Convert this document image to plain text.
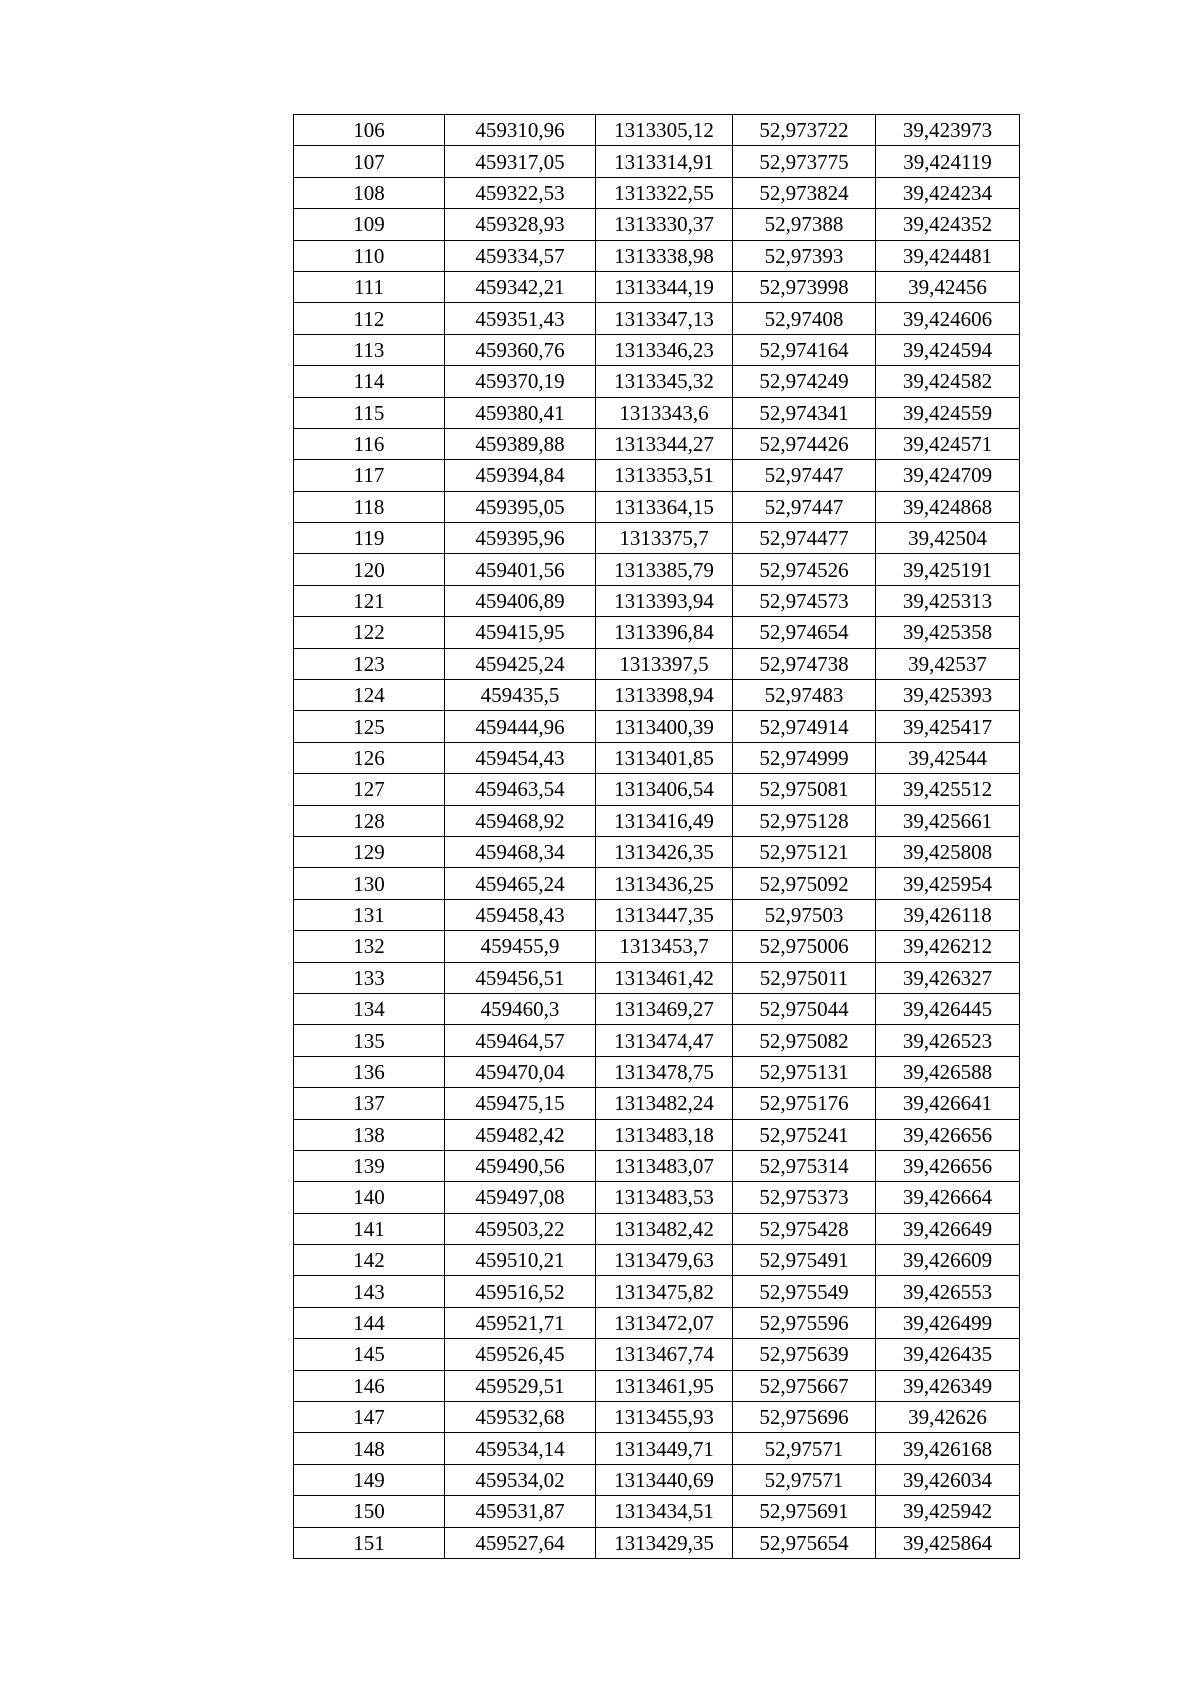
106	459310,96	1313305,12	52,973722	39,423973
107	459317,05	1313314,91	52,973775	39,424119
108	459322,53	1313322,55	52,973824	39,424234
109	459328,93	1313330,37	52,97388	39,424352
110	459334,57	1313338,98	52,97393	39,424481
111	459342,21	1313344,19	52,973998	39,42456
112	459351,43	1313347,13	52,97408	39,424606
113	459360,76	1313346,23	52,974164	39,424594
114	459370,19	1313345,32	52,974249	39,424582
115	459380,41	1313343,6	52,974341	39,424559
116	459389,88	1313344,27	52,974426	39,424571
117	459394,84	1313353,51	52,97447	39,424709
118	459395,05	1313364,15	52,97447	39,424868
119	459395,96	1313375,7	52,974477	39,42504
120	459401,56	1313385,79	52,974526	39,425191
121	459406,89	1313393,94	52,974573	39,425313
122	459415,95	1313396,84	52,974654	39,425358
123	459425,24	1313397,5	52,974738	39,42537
124	459435,5	1313398,94	52,97483	39,425393
125	459444,96	1313400,39	52,974914	39,425417
126	459454,43	1313401,85	52,974999	39,42544
127	459463,54	1313406,54	52,975081	39,425512
128	459468,92	1313416,49	52,975128	39,425661
129	459468,34	1313426,35	52,975121	39,425808
130	459465,24	1313436,25	52,975092	39,425954
131	459458,43	1313447,35	52,97503	39,426118
132	459455,9	1313453,7	52,975006	39,426212
133	459456,51	1313461,42	52,975011	39,426327
134	459460,3	1313469,27	52,975044	39,426445
135	459464,57	1313474,47	52,975082	39,426523
136	459470,04	1313478,75	52,975131	39,426588
137	459475,15	1313482,24	52,975176	39,426641
138	459482,42	1313483,18	52,975241	39,426656
139	459490,56	1313483,07	52,975314	39,426656
140	459497,08	1313483,53	52,975373	39,426664
141	459503,22	1313482,42	52,975428	39,426649
142	459510,21	1313479,63	52,975491	39,426609
143	459516,52	1313475,82	52,975549	39,426553
144	459521,71	1313472,07	52,975596	39,426499
145	459526,45	1313467,74	52,975639	39,426435
146	459529,51	1313461,95	52,975667	39,426349
147	459532,68	1313455,93	52,975696	39,42626
148	459534,14	1313449,71	52,97571	39,426168
149	459534,02	1313440,69	52,97571	39,426034
150	459531,87	1313434,51	52,975691	39,425942
151	459527,64	1313429,35	52,975654	39,425864
